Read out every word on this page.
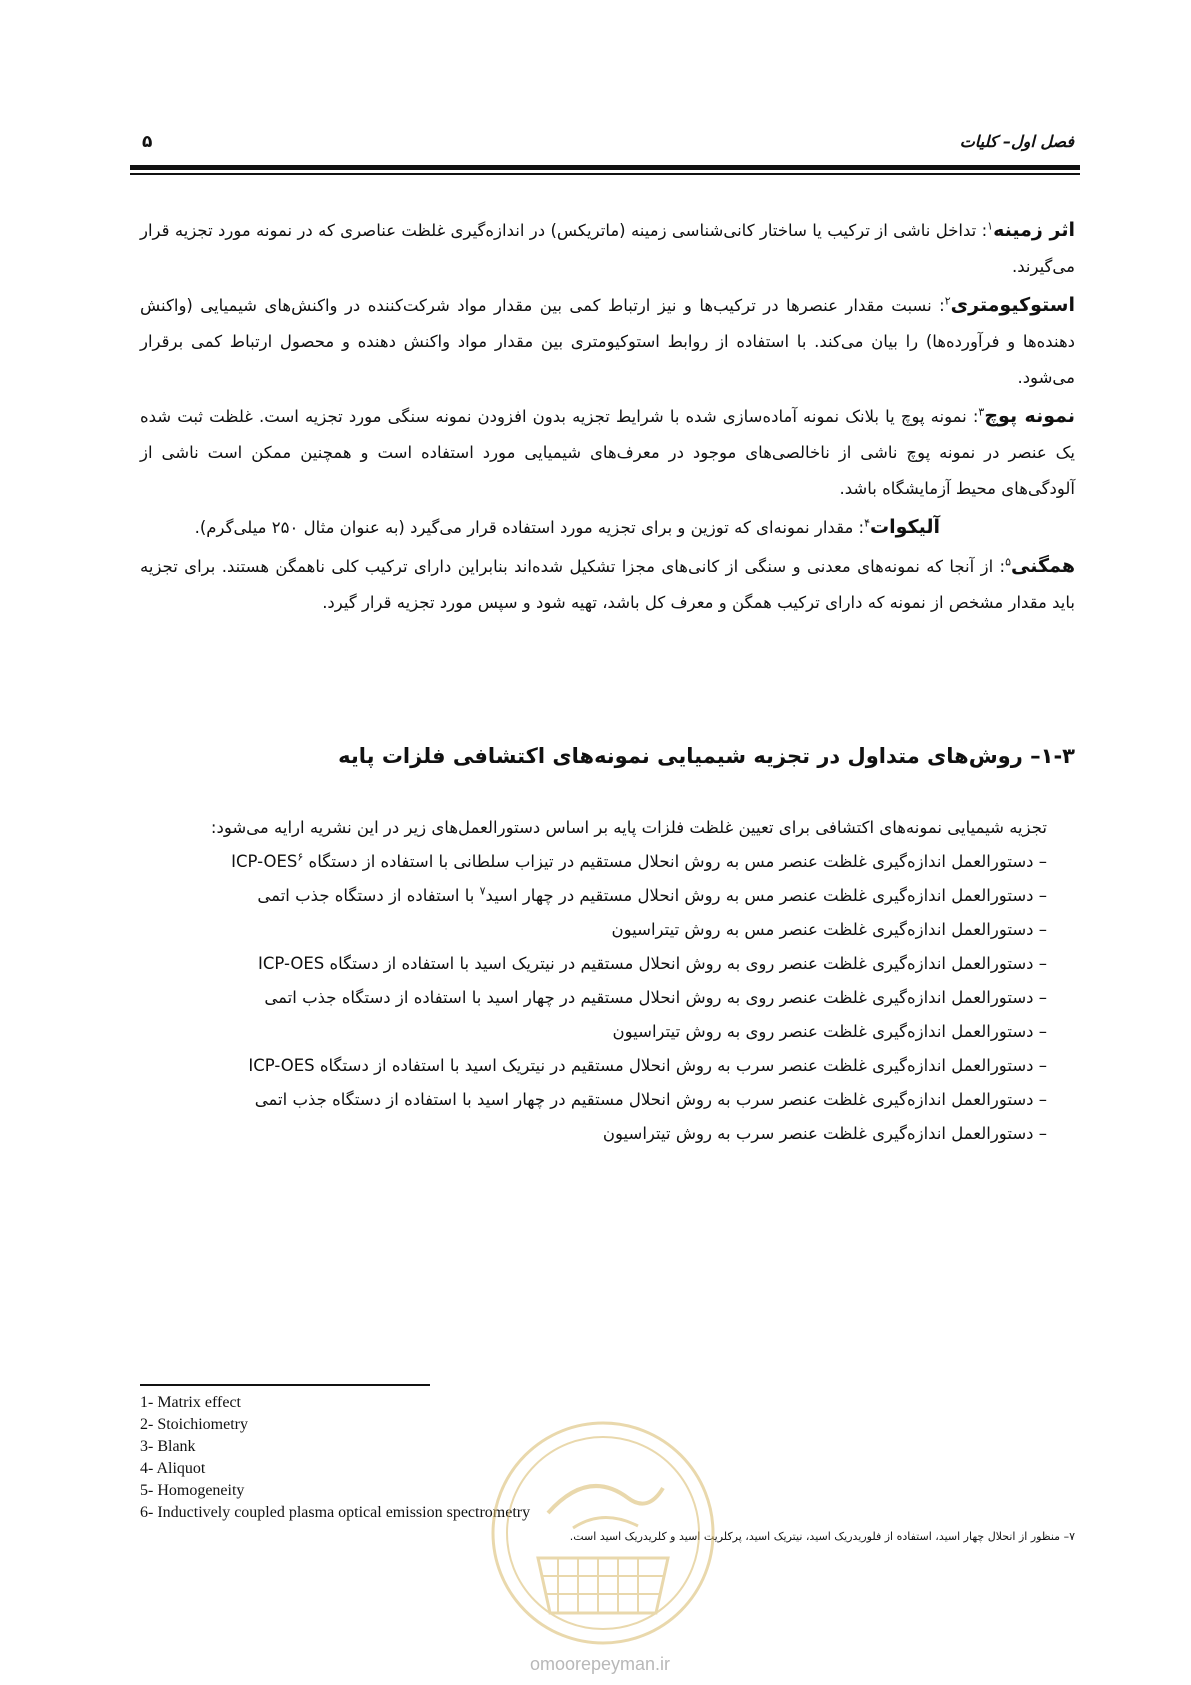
۵	فصل اول– کلیات

اثر زمینه$^۱$: تداخل ناشی از ترکیب یا ساختار کانی‌شناسی زمینه (ماتریکس) در اندازه‌گیری غلظت عناصری که در نمونه مورد تجزیه قرار می‌گیرند.

استوکیومتری$^۲$: نسبت مقدار عنصرها در ترکیب‌ها و نیز ارتباط کمی بین مقدار مواد شرکت‌کننده در واکنش‌های شیمیایی (واکنش دهنده‌ها و فرآورده‌ها) را بیان می‌کند. با استفاده از روابط استوکیومتری بین مقدار مواد واکنش دهنده و محصول ارتباط کمی برقرار می‌شود.

نمونه پوچ$^۳$: نمونه پوچ یا بلانک نمونه آماده‌سازی شده با شرایط تجزیه بدون افزودن نمونه سنگی مورد تجزیه است. غلظت ثبت شده یک عنصر در نمونه پوچ ناشی از ناخالصی‌های موجود در معرف‌های شیمیایی مورد استفاده است و همچنین ممکن است ناشی از آلودگی‌های محیط آزمایشگاه باشد.

آلیکوات$^۴$: مقدار نمونه‌ای که توزین و برای تجزیه مورد استفاده قرار می‌گیرد (به عنوان مثال ۲۵۰ میلی‌گرم).

همگنی$^۵$: از آنجا که نمونه‌های معدنی و سنگی از کانی‌های مجزا تشکیل شده‌اند بنابراین دارای ترکیب کلی ناهمگن هستند. برای تجزیه باید مقدار مشخص از نمونه که دارای ترکیب همگن و معرف کل باشد، تهیه شود و سپس مورد تجزیه قرار گیرد.

۱-۳– روش‌های متداول در تجزیه شیمیایی نمونه‌های اکتشافی فلزات پایه

تجزیه شیمیایی نمونه‌های اکتشافی برای تعیین غلظت فلزات پایه بر اساس دستورالعمل‌های زیر در این نشریه ارایه می‌شود:

– دستورالعمل اندازه‌گیری غلظت عنصر مس به روش انحلال مستقیم در تیزاب سلطانی با استفاده از دستگاه ICP-OES$^۶$
– دستورالعمل اندازه‌گیری غلظت عنصر مس به روش انحلال مستقیم در چهار اسید$^۷$ با استفاده از دستگاه جذب اتمی
– دستورالعمل اندازه‌گیری غلظت عنصر مس به روش تیتراسیون
– دستورالعمل اندازه‌گیری غلظت عنصر روی به روش انحلال مستقیم در نیتریک اسید با استفاده از دستگاه ICP-OES
– دستورالعمل اندازه‌گیری غلظت عنصر روی به روش انحلال مستقیم در چهار اسید با استفاده از دستگاه جذب اتمی
– دستورالعمل اندازه‌گیری غلظت عنصر روی به روش تیتراسیون
– دستورالعمل اندازه‌گیری غلظت عنصر سرب به روش انحلال مستقیم در نیتریک اسید با استفاده از دستگاه ICP-OES
– دستورالعمل اندازه‌گیری غلظت عنصر سرب به روش انحلال مستقیم در چهار اسید با استفاده از دستگاه جذب اتمی
– دستورالعمل اندازه‌گیری غلظت عنصر سرب به روش تیتراسیون
1- Matrix effect
2- Stoichiometry
3- Blank
4- Aliquot
5- Homogeneity
6- Inductively coupled plasma optical emission spectrometry
۷– منظور از انحلال چهار اسید، استفاده از فلوریدریک اسید، نیتریک اسید، پرکلریت اسید و کلریدریک اسید است.
omoorepeyman.ir
